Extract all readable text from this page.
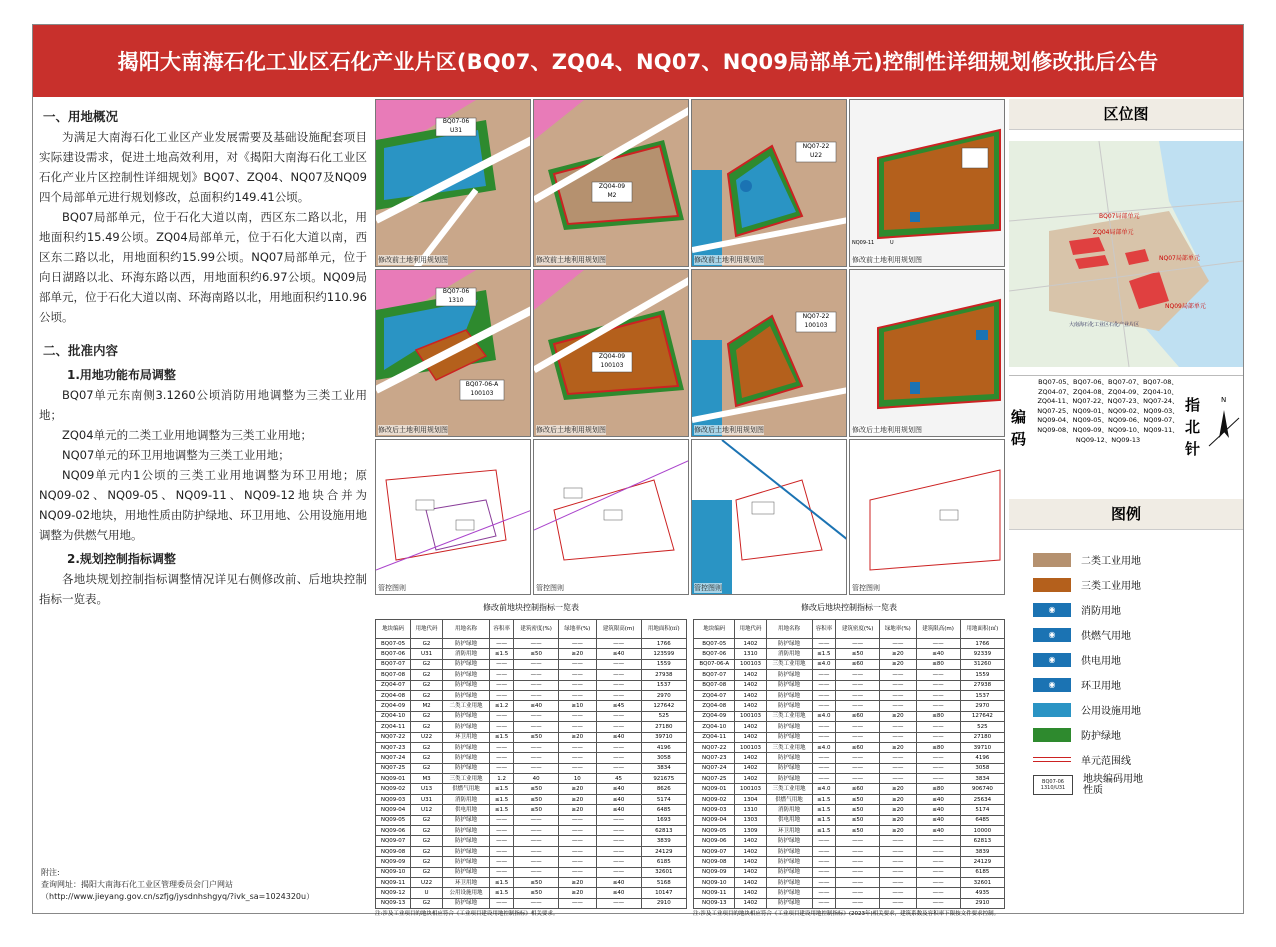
揭阳大南海石化工业区石化产业片区(BQ07、ZQ04、NQ07、NQ09局部单元)控制性详细规划修改批后公告
一、用地概况

为满足大南海石化工业区产业发展需要及基础设施配套项目实际建设需求，促进土地高效利用，对《揭阳大南海石化工业区石化产业片区控制性详细规划》BQ07、ZQ04、NQ07及NQ09四个局部单元进行规划修改，总面积约149.41公顷。

BQ07局部单元，位于石化大道以南，西区东二路以北，用地面积约15.49公顷。ZQ04局部单元，位于石化大道以南，西区东二路以北，用地面积约15.99公顷。NQ07局部单元，位于向日湖路以北、环海东路以西，用地面积约6.97公顷。NQ09局部单元，位于石化大道以南、环海南路以北，用地面积约110.96公顷。

二、批准内容
1.用地功能布局调整

BQ07单元东南侧3.1260公顷消防用地调整为三类工业用地；

ZQ04单元的二类工业用地调整为三类工业用地；

NQ07单元的环卫用地调整为三类工业用地；

NQ09单元内1公顷的三类工业用地调整为环卫用地；原NQ09-02、NQ09-05、NQ09-11、NQ09-12地块合并为NQ09-02地块，用地性质由防护绿地、环卫用地、公用设施用地调整为供燃气用地。

2.规划控制指标调整

各地块规划控制指标调整情况详见右侧修改前、后地块控制指标一览表。

附注:
查询网址：揭阳大南海石化工业区管理委员会门户网站
（http://www.jieyang.gov.cn/szfjg/jysdnhshgyq/?ivk_sa=1024320u）
BQ07-06
U31
修改前土地利用规划图
ZQ04-09
M2
修改前土地利用规划图
NQ07-22
U22
修改前土地利用规划图
NQ09-11	U
修改前土地利用规划图
BQ07-06
1310
BQ07-06-A
100103
修改后土地利用规划图
ZQ04-09
100103
修改后土地利用规划图
NQ07-22
100103
修改后土地利用规划图	修改后土地利用规划图
管控图则	管控图则	管控图则	管控图则
修改前地块控制指标一览表
地块编码	用地代码	用地名称	容积率	建筑密度(%)	绿地率(%)	建筑限高(m)	用地面积(㎡)
BQ07-05	G2	防护绿地	——	——	——	——	1766
BQ07-06	U31	消防用地	≤1.5	≤50	≥20	≤40	123599
BQ07-07	G2	防护绿地	——	——	——	——	1559
BQ07-08	G2	防护绿地	——	——	——	——	27938
ZQ04-07	G2	防护绿地	——	——	——	——	1537
ZQ04-08	G2	防护绿地	——	——	——	——	2970
ZQ04-09	M2	二类工业用地	≤1.2	≤40	≥10	≤45	127642
ZQ04-10	G2	防护绿地	——	——	——	——	525
ZQ04-11	G2	防护绿地	——	——	——	——	27180
NQ07-22	U22	环卫用地	≤1.5	≤50	≥20	≤40	39710
NQ07-23	G2	防护绿地	——	——	——	——	4196
NQ07-24	G2	防护绿地	——	——	——	——	3058
NQ07-25	G2	防护绿地	——	——	——	——	3834
NQ09-01	M3	三类工业用地	1.2	40	10	45	921675
NQ09-02	U13	供燃气用地	≤1.5	≤50	≥20	≤40	8626
NQ09-03	U31	消防用地	≤1.5	≤50	≥20	≤40	5174
NQ09-04	U12	供电用地	≤1.5	≤50	≥20	≤40	6485
NQ09-05	G2	防护绿地	——	——	——	——	1693
NQ09-06	G2	防护绿地	——	——	——	——	62813
NQ09-07	G2	防护绿地	——	——	——	——	3839
NQ09-08	G2	防护绿地	——	——	——	——	24129
NQ09-09	G2	防护绿地	——	——	——	——	6185
NQ09-10	G2	防护绿地	——	——	——	——	32601
NQ09-11	U22	环卫用地	≤1.5	≤50	≥20	≤40	5168
NQ09-12	U	公用设施用地	≤1.5	≤50	≥20	≤40	10147
NQ09-13	G2	防护绿地	——	——	——	——	2910
注:涉及工业项目的地块相应符合《工业项目建设用地控制指标》相关要求。
修改后地块控制指标一览表
地块编码	用地代码	用地名称	容积率	建筑密度(%)	绿地率(%)	建筑限高(m)	用地面积(㎡)
BQ07-05	1402	防护绿地	——	——	——	——	1766
BQ07-06	1310	消防用地	≤1.5	≤50	≥20	≤40	92339
BQ07-06-A	100103	三类工业用地	≤4.0	≤60	≥20	≤80	31260
BQ07-07	1402	防护绿地	——	——	——	——	1559
BQ07-08	1402	防护绿地	——	——	——	——	27938
ZQ04-07	1402	防护绿地	——	——	——	——	1537
ZQ04-08	1402	防护绿地	——	——	——	——	2970
ZQ04-09	100103	三类工业用地	≤4.0	≤60	≥20	≤80	127642
ZQ04-10	1402	防护绿地	——	——	——	——	525
ZQ04-11	1402	防护绿地	——	——	——	——	27180
NQ07-22	100103	三类工业用地	≤4.0	≤60	≥20	≤80	39710
NQ07-23	1402	防护绿地	——	——	——	——	4196
NQ07-24	1402	防护绿地	——	——	——	——	3058
NQ07-25	1402	防护绿地	——	——	——	——	3834
NQ09-01	100103	三类工业用地	≤4.0	≤60	≥20	≤80	906740
NQ09-02	1304	供燃气用地	≤1.5	≤50	≥20	≤40	25634
NQ09-03	1310	消防用地	≤1.5	≤50	≥20	≤40	5174
NQ09-04	1303	供电用地	≤1.5	≤50	≥20	≤40	6485
NQ09-05	1309	环卫用地	≤1.5	≤50	≥20	≤40	10000
NQ09-06	1402	防护绿地	——	——	——	——	62813
NQ09-07	1402	防护绿地	——	——	——	——	3839
NQ09-08	1402	防护绿地	——	——	——	——	24129
NQ09-09	1402	防护绿地	——	——	——	——	6185
NQ09-10	1402	防护绿地	——	——	——	——	32601
NQ09-11	1402	防护绿地	——	——	——	——	4935
NQ09-13	1402	防护绿地	——	——	——	——	2910
注:涉及工业项目的地块相应符合《工业项目建设用地控制指标》(2023年)相关要求，建筑系数及容积率下限按文件要求控制。
区位图
BQ07局部单元
ZQ04局部单元
NQ07局部单元
NQ09局部单元
大南海石化工业区石化产业片区
编码
BQ07-05、BQ07-06、BQ07-07、BQ07-08、ZQ04-07、ZQ04-08、ZQ04-09、ZQ04-10、ZQ04-11、NQ07-22、NQ07-23、NQ07-24、NQ07-25、NQ09-01、NQ09-02、NQ09-03、NQ09-04、NQ09-05、NQ09-06、NQ09-07、NQ09-08、NQ09-09、NQ09-10、NQ09-11、NQ09-12、NQ09-13
指北针
N
图例
二类工业用地
三类工业用地
◉	消防用地
◉	供燃气用地
◉	供电用地
◉	环卫用地
公用设施用地
防护绿地
单元范围线
BQ07-06
1310/U31
地块编码用地性质
